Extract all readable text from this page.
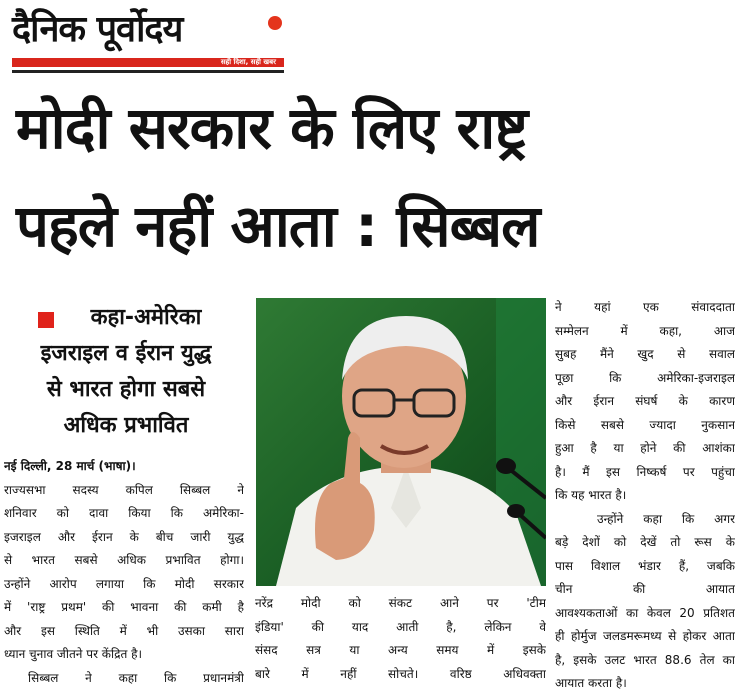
दैनिक पूर्वोदय
सही दिशा, सही खबर
मोदी सरकार के लिए राष्ट्र
पहले नहीं आता : सिब्बल
कहा-अमेरिका
इजराइल व ईरान युद्ध
से भारत होगा सबसे
अधिक प्रभावित

नई दिल्ली, 28 मार्च (भाषा)।

राज्यसभा सदस्य कपिल सिब्बल ने

शनिवार को दावा किया कि अमेरिका-

इजराइल और ईरान के बीच जारी युद्ध

से भारत सबसे अधिक प्रभावित होगा।

उन्होंने आरोप लगाया कि मोदी सरकार

में 'राष्ट्र प्रथम' की भावना की कमी है

और इस स्थिति में भी उसका सारा

ध्यान चुनाव जीतने पर केंद्रित है।

सिब्बल ने कहा कि प्रधानमंत्री

नरेंद्र मोदी को संकट आने पर 'टीम

इंडिया' की याद आती है, लेकिन वे

संसद सत्र या अन्य समय में इसके

बारे में नहीं सोचते। वरिष्ठ अधिवक्ता

ने यहां एक संवाददाता

सम्मेलन में कहा, आज

सुबह मैंने खुद से सवाल

पूछा कि अमेरिका-इजराइल

और ईरान संघर्ष के कारण

किसे सबसे ज्यादा नुकसान

हुआ है या होने की आशंका

है। मैं इस निष्कर्ष पर पहुंचा

कि यह भारत है।

उन्होंने कहा कि अगर

बड़े देशों को देखें तो रूस के

पास विशाल भंडार हैं, जबकि

चीन की आयात

आवश्यकताओं का केवल 20 प्रतिशत

ही होर्मुज जलडमरूमध्य से होकर आता

है, इसके उलट भारत 88.6 तेल का

आयात करता है।
